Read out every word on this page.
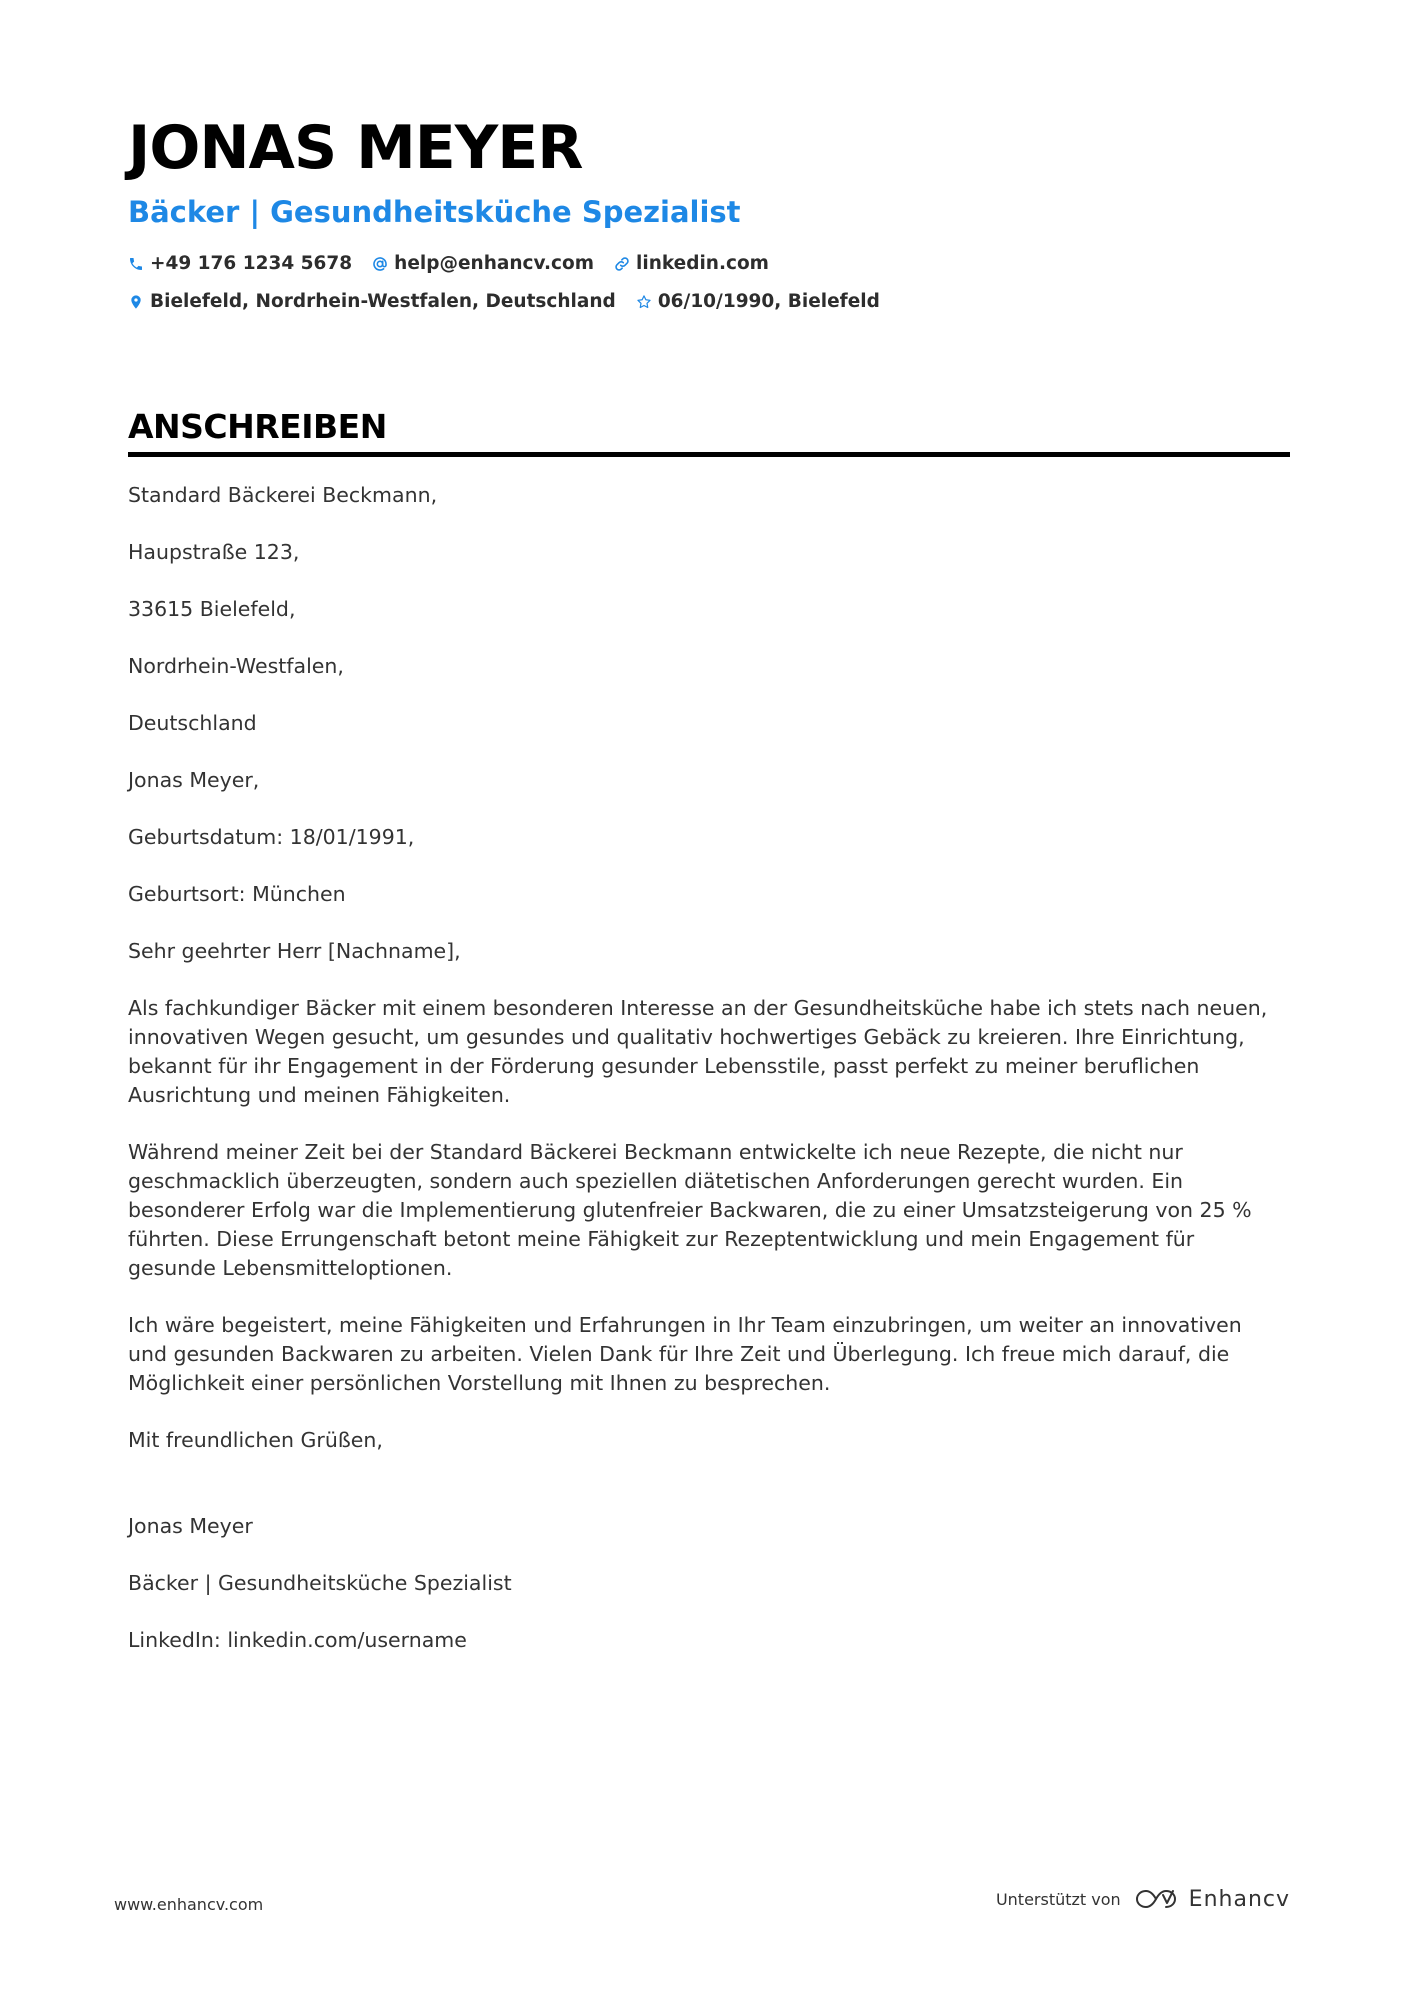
JONAS MEYER
Bäcker | Gesundheitsküche Spezialist
+49 176 1234 5678 help@enhancv.com linkedin.com
Bielefeld, Nordrhein-Westfalen, Deutschland 06/10/1990, Bielefeld
ANSCHREIBEN

Standard Bäckerei Beckmann,

Haupstraße 123,

33615 Bielefeld,

Nordrhein-Westfalen,

Deutschland

Jonas Meyer,

Geburtsdatum: 18/01/1991,

Geburtsort: München

Sehr geehrter Herr [Nachname],

Als fachkundiger Bäcker mit einem besonderen Interesse an der Gesundheitsküche habe ich stets nach neuen, innovativen Wegen gesucht, um gesundes und qualitativ hochwertiges Gebäck zu kreieren. Ihre Einrichtung, bekannt für ihr Engagement in der Förderung gesunder Lebensstile, passt perfekt zu meiner beruflichen Ausrichtung und meinen Fähigkeiten.

Während meiner Zeit bei der Standard Bäckerei Beckmann entwickelte ich neue Rezepte, die nicht nur geschmacklich überzeugten, sondern auch speziellen diätetischen Anforderungen gerecht wurden. Ein besonderer Erfolg war die Implementierung glutenfreier Backwaren, die zu einer Umsatzsteigerung von 25 % führten. Diese Errungenschaft betont meine Fähigkeit zur Rezeptentwicklung und mein Engagement für gesunde Lebensmitteloptionen.

Ich wäre begeistert, meine Fähigkeiten und Erfahrungen in Ihr Team einzubringen, um weiter an innovativen und gesunden Backwaren zu arbeiten. Vielen Dank für Ihre Zeit und Überlegung. Ich freue mich darauf, die Möglichkeit einer persönlichen Vorstellung mit Ihnen zu besprechen.

Mit freundlichen Grüßen,

Jonas Meyer

Bäcker | Gesundheitsküche Spezialist

LinkedIn: linkedin.com/username

www.enhancv.com	Unterstützt von	Enhancv
